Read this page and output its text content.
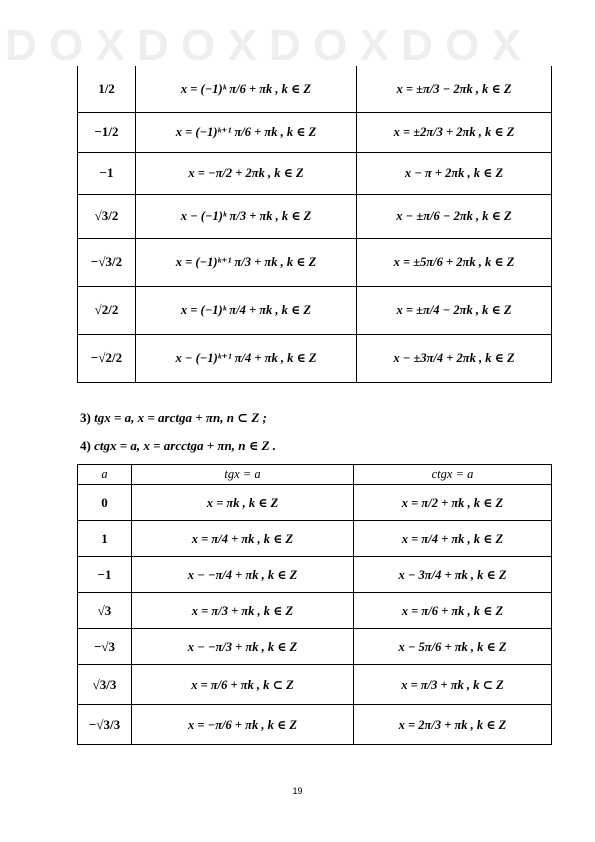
D O X D O X D O X D O X
1/2	x = (−1)ᵏ π/6 + πk , k ∈ Z	x = ±π/3 − 2πk , k ∈ Z
−1/2	x = (−1)ᵏ⁺¹ π/6 + πk , k ∈ Z	x = ±2π/3 + 2πk , k ∈ Z
−1	x = −π/2 + 2πk , k ∈ Z	x − π + 2πk , k ∈ Z
√3/2	x − (−1)ᵏ π/3 + πk , k ∈ Z	x − ±π/6 − 2πk , k ∈ Z
−√3/2	x = (−1)ᵏ⁺¹ π/3 + πk , k ∈ Z	x = ±5π/6 + 2πk , k ∈ Z
√2/2	x = (−1)ᵏ π/4 + πk , k ∈ Z	x = ±π/4 − 2πk , k ∈ Z
−√2/2	x − (−1)ᵏ⁺¹ π/4 + πk , k ∈ Z	x − ±3π/4 + 2πk , k ∈ Z
3) tgx = a, x = arctga + πn, n ⊂ Z ;
4) ctgx = a, x = arcctga + πn, n ∈ Z .
a	tgx = a	ctgx = a
0	x = πk , k ∈ Z	x = π/2 + πk , k ∈ Z
1	x = π/4 + πk , k ∈ Z	x = π/4 + πk , k ∈ Z
−1	x − −π/4 + πk , k ∈ Z	x − 3π/4 + πk , k ∈ Z
√3	x = π/3 + πk , k ∈ Z	x = π/6 + πk , k ∈ Z
−√3	x − −π/3 + πk , k ∈ Z	x − 5π/6 + πk , k ∈ Z
√3/3	x = π/6 + πk , k ⊂ Z	x = π/3 + πk , k ⊂ Z
−√3/3	x = −π/6 + πk , k ∈ Z	x = 2π/3 + πk , k ∈ Z
19
